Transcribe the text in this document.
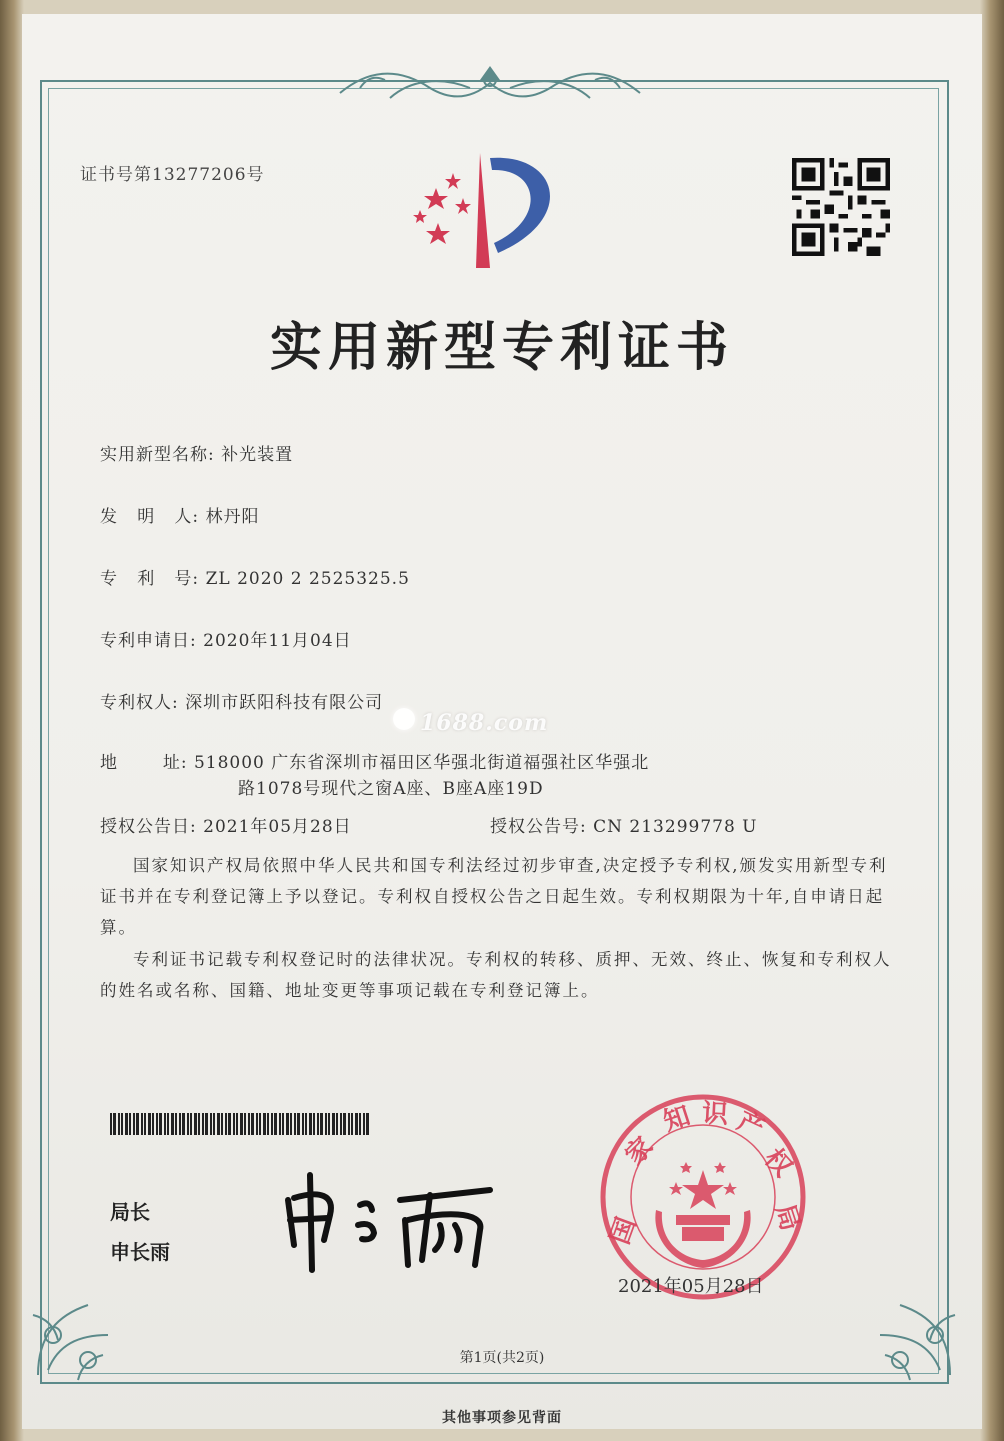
证书号第13277206号
实用新型专利证书
实用新型名称: 补光装置
发   明   人: 林丹阳
专   利   号: ZL 2020 2 2525325.5
专利申请日: 2020年11月04日
专利权人: 深圳市跃阳科技有限公司
地       址: 518000 广东省深圳市福田区华强北街道福强社区华强北
路1078号现代之窗A座、B座A座19D
授权公告日: 2021年05月28日	授权公告号: CN 213299778 U
1688.com
国家知识产权局依照中华人民共和国专利法经过初步审查,决定授予专利权,颁发实用新型专利证书并在专利登记簿上予以登记。专利权自授权公告之日起生效。专利权期限为十年,自申请日起算。
专利证书记载专利权登记时的法律状况。专利权的转移、质押、无效、终止、恢复和专利权人的姓名或名称、国籍、地址变更等事项记载在专利登记簿上。
局长
申长雨
国
家
知 识 产
权
局
2021年05月28日
第1页(共2页)
其他事项参见背面
